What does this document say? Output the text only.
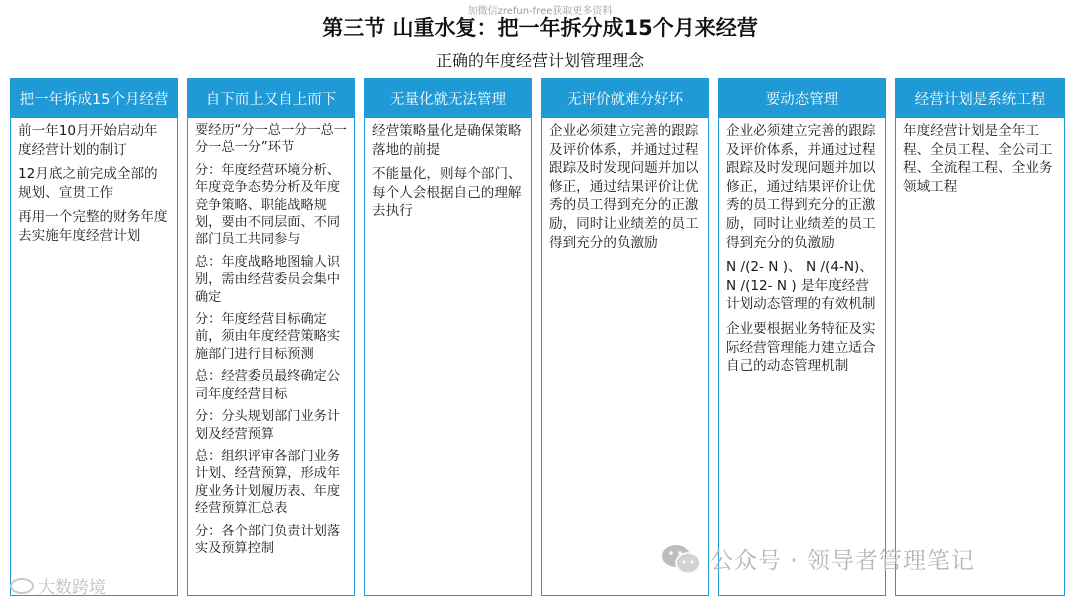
加微信zrefun-free获取更多资料
第三节 山重水复：把一年拆分成15个月来经营
正确的年度经营计划管理理念
把一年拆成15个月经营

前一年10月开始启动年度经营计划的制订

12月底之前完成全部的规划、宣贯工作

再用一个完整的财务年度去实施年度经营计划

自下而上又自上而下

要经历“分一总一分一总一分一总一分”环节

分：年度经营环境分析、年度竞争态势分析及年度竞争策略、职能战略规划，要由不同层面、不同部门员工共同参与

总：年度战略地图输人识别，需由经营委员会集中确定

分：年度经营目标确定前，须由年度经营策略实施部门进行目标预测

总：经营委员最终确定公司年度经营目标

分：分头规划部门业务计划及经营预算

总：组织评审各部门业务计划、经营预算，形成年度业务计划履历表、年度经营预算汇总表

分：各个部门负责计划落实及预算控制

无量化就无法管理

经营策略量化是确保策略落地的前提

不能量化，则每个部门、每个人会根据自己的理解去执行

无评价就难分好坏

企业必须建立完善的跟踪及评价体系，并通过过程跟踪及时发现问题并加以修正，通过结果评价让优秀的员工得到充分的正激励，同时让业绩差的员工得到充分的负激励

要动态管理

企业必须建立完善的跟踪及评价体系，并通过过程跟踪及时发现问题并加以修正，通过结果评价让优秀的员工得到充分的正激励，同时让业绩差的员工得到充分的负激励

N /(2- N )、 N /(4-N)、N /(12- N ) 是年度经营计划动态管理的有效机制

企业要根据业务特征及实际经营管理能力建立适合自己的动态管理机制

经营计划是系统工程

年度经营计划是全年工程、全员工程、全公司工程、全流程工程、全业务领域工程

大数跨境
公众号 · 领导者管理笔记
